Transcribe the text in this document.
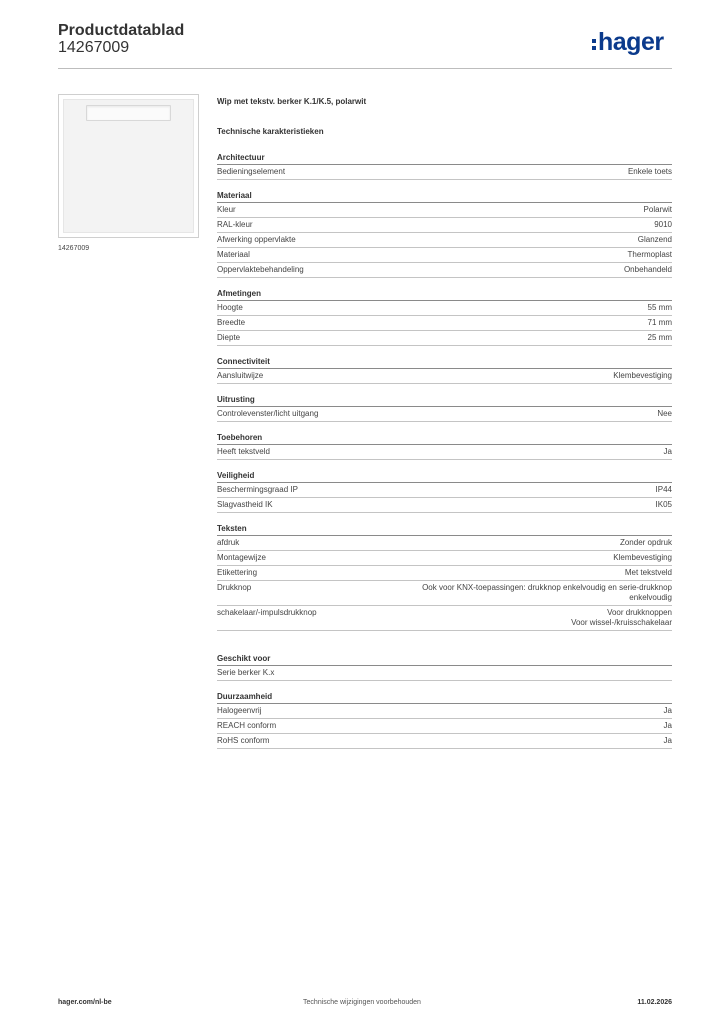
Productdatablad
14267009	hager
14267009
Wip met tekstv. berker K.1/K.5, polarwit
Technische karakteristieken
Architectuur
Bedieningselement	Enkele toets
Materiaal
Kleur	Polarwit
RAL-kleur	9010
Afwerking oppervlakte	Glanzend
Materiaal	Thermoplast
Oppervlaktebehandeling	Onbehandeld
Afmetingen
Hoogte	55 mm
Breedte	71 mm
Diepte	25 mm
Connectiviteit
Aansluitwijze	Klembevestiging
Uitrusting
Controlevenster/licht uitgang	Nee
Toebehoren
Heeft tekstveld	Ja
Veiligheid
Beschermingsgraad IP	IP44
Slagvastheid IK	IK05
Teksten
afdruk	Zonder opdruk
Montagewijze	Klembevestiging
Etikettering	Met tekstveld
Drukknop	Ook voor KNX-toepassingen: drukknop enkelvoudig en serie-drukknop
enkelvoudig
schakelaar/-impulsdrukknop	Voor drukknoppen
Voor wissel-/kruisschakelaar
Geschikt voor
Serie berker K.x
Duurzaamheid
Halogeenvrij	Ja
REACH conform	Ja
RoHS conform	Ja
hager.com/nl-be	Technische wijzigingen voorbehouden	11.02.2026
